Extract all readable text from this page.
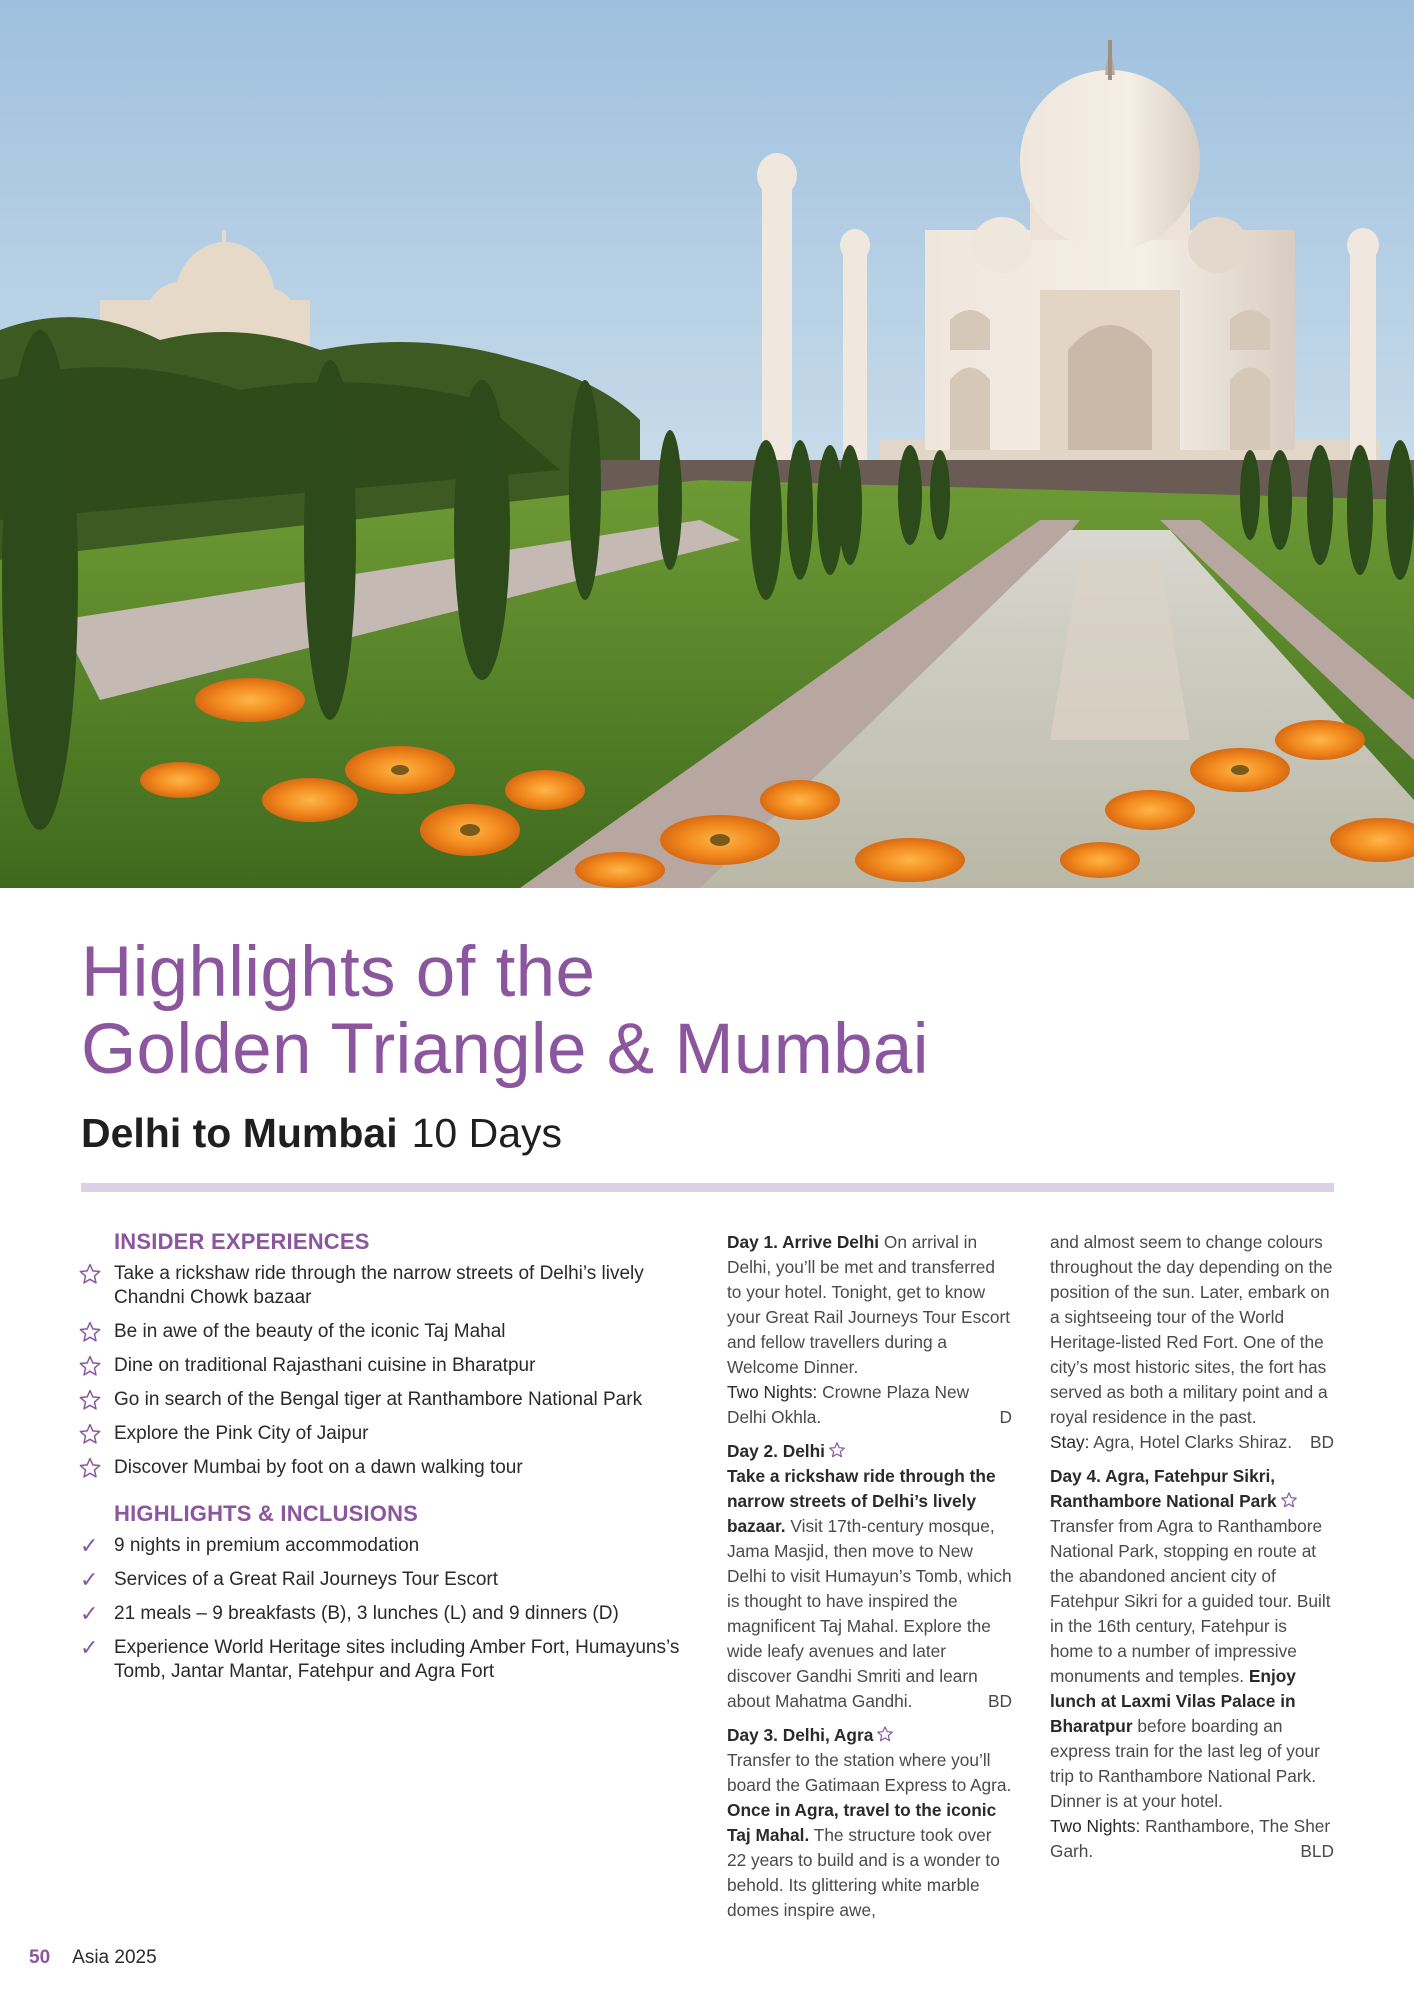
Highlights of the
Golden Triangle & Mumbai
Delhi to Mumbai 10 Days
INSIDER EXPERIENCES
Take a rickshaw ride through the narrow streets of Delhi’s lively Chandni Chowk bazaar
Be in awe of the beauty of the iconic Taj Mahal
Dine on traditional Rajasthani cuisine in Bharatpur
Go in search of the Bengal tiger at Ranthambore National Park
Explore the Pink City of Jaipur
Discover Mumbai by foot on a dawn walking tour
HIGHLIGHTS & INCLUSIONS
✓ 9 nights in premium accommodation
✓ Services of a Great Rail Journeys Tour Escort
✓ 21 meals – 9 breakfasts (B), 3 lunches (L) and 9 dinners (D)
✓ Experience World Heritage sites including Amber Fort, Humayuns’s Tomb, Jantar Mantar, Fatehpur and Agra Fort
Day 1. Arrive Delhi On arrival in Delhi, you’ll be met and transferred to your hotel. Tonight, get to know your Great Rail Journeys Tour Escort and fellow travellers during a Welcome Dinner.
Two Nights: Crowne Plaza New Delhi Okhla.	D
Day 2. Delhi

Take a rickshaw ride through the narrow streets of Delhi’s lively bazaar. Visit 17th-century mosque, Jama Masjid, then move to New Delhi to visit Humayun’s Tomb, which is thought to have inspired the magnificent Taj Mahal. Explore the wide leafy avenues and later discover Gandhi Smriti and learn about Mahatma Gandhi.	BD
Day 3. Delhi, Agra

Transfer to the station where you’ll board the Gatimaan Express to Agra. Once in Agra, travel to the iconic Taj Mahal. The structure took over 22 years to build and is a wonder to behold. Its glittering white marble domes inspire awe,
and almost seem to change colours throughout the day depending on the position of the sun. Later, embark on a sightseeing tour of the World Heritage-listed Red Fort. One of the city’s most historic sites, the fort has served as both a military point and a royal residence in the past.
Stay: Agra, Hotel Clarks Shiraz. BD
Day 4. Agra, Fatehpur Sikri, Ranthambore National Park

Transfer from Agra to Ranthambore National Park, stopping en route at the abandoned ancient city of Fatehpur Sikri for a guided tour. Built in the 16th century, Fatehpur is home to a number of impressive monuments and temples. Enjoy lunch at Laxmi Vilas Palace in Bharatpur before boarding an express train for the last leg of your trip to Ranthambore National Park. Dinner is at your hotel.
Two Nights: Ranthambore, The Sher Garh.	BLD
50 Asia 2025
